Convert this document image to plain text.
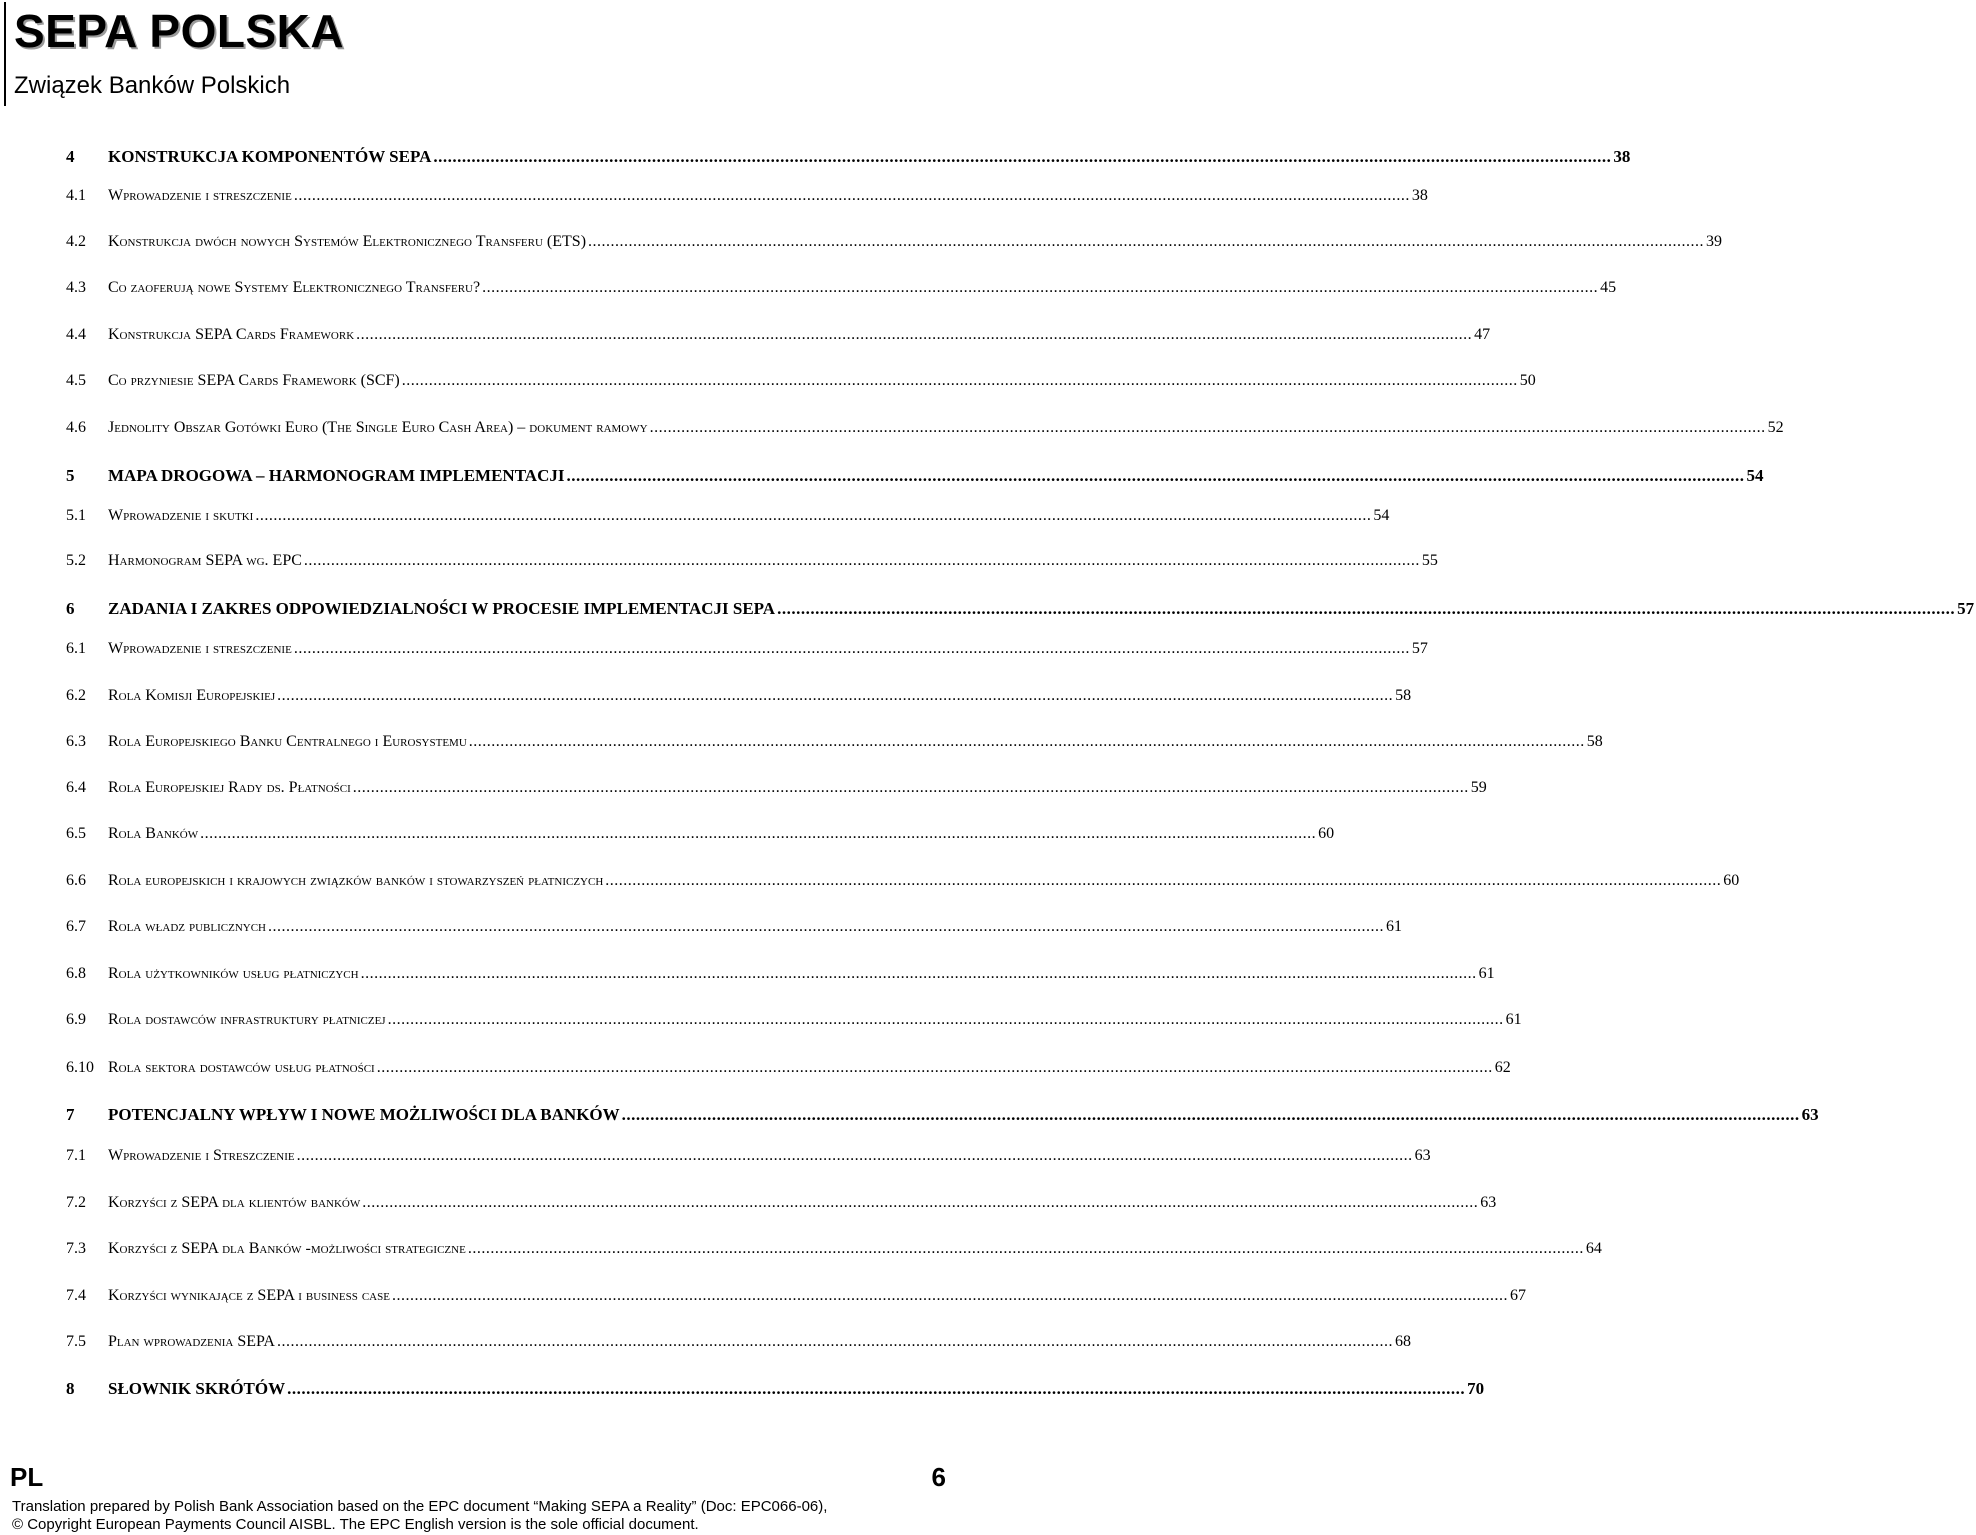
SEPA POLSKA
Związek Banków Polskich
4	KONSTRUKCJA KOMPONENTÓW SEPA .....	38
4.1	Wprowadzenie i streszczenie .....	38
4.2	Konstrukcja dwóch nowych Systemów Elektronicznego Transferu (ETS) .....	39
4.3	Co zaoferują nowe Systemy Elektronicznego Transferu? .....	45
4.4	Konstrukcja SEPA Cards Framework .....	47
4.5	Co przyniesie SEPA Cards Framework (SCF) .....	50
4.6	Jednolity Obszar Gotówki Euro (The Single Euro Cash Area) – dokument ramowy .....	52
5	MAPA DROGOWA – HARMONOGRAM IMPLEMENTACJI .....	54
5.1	Wprowadzenie i skutki .....	54
5.2	Harmonogram SEPA wg. EPC .....	55
6	ZADANIA I ZAKRES ODPOWIEDZIALNOŚCI W PROCESIE IMPLEMENTACJI SEPA .....	57
6.1	Wprowadzenie i streszczenie .....	57
6.2	Rola Komisji Europejskiej .....	58
6.3	Rola Europejskiego Banku Centralnego i Eurosystemu .....	58
6.4	Rola Europejskiej Rady ds. Płatności .....	59
6.5	Rola Banków .....	60
6.6	Rola europejskich i krajowych związków banków i stowarzyszeń płatniczych .....	60
6.7	Rola władz publicznych .....	61
6.8	Rola użytkowników usług płatniczych .....	61
6.9	Rola dostawców infrastruktury płatniczej .....	61
6.10 Rola sektora dostawców usług płatności .....	62
7	POTENCJALNY WPŁYW I NOWE MOŻLIWOŚCI DLA BANKÓW .....	63
7.1	Wprowadzenie i Streszczenie .....	63
7.2	Korzyści z SEPA dla klientów banków .....	63
7.3	Korzyści z SEPA dla Banków -możliwości strategiczne .....	64
7.4	Korzyści wynikające z SEPA i business case .....	67
7.5	Plan wprowadzenia SEPA .....	68
8	SŁOWNIK SKRÓTÓW .....	70
PL	6
Translation prepared by Polish Bank Association based on the EPC document “Making SEPA a Reality” (Doc: EPC066-06),
© Copyright European Payments Council AISBL. The EPC English version is the sole official document.
